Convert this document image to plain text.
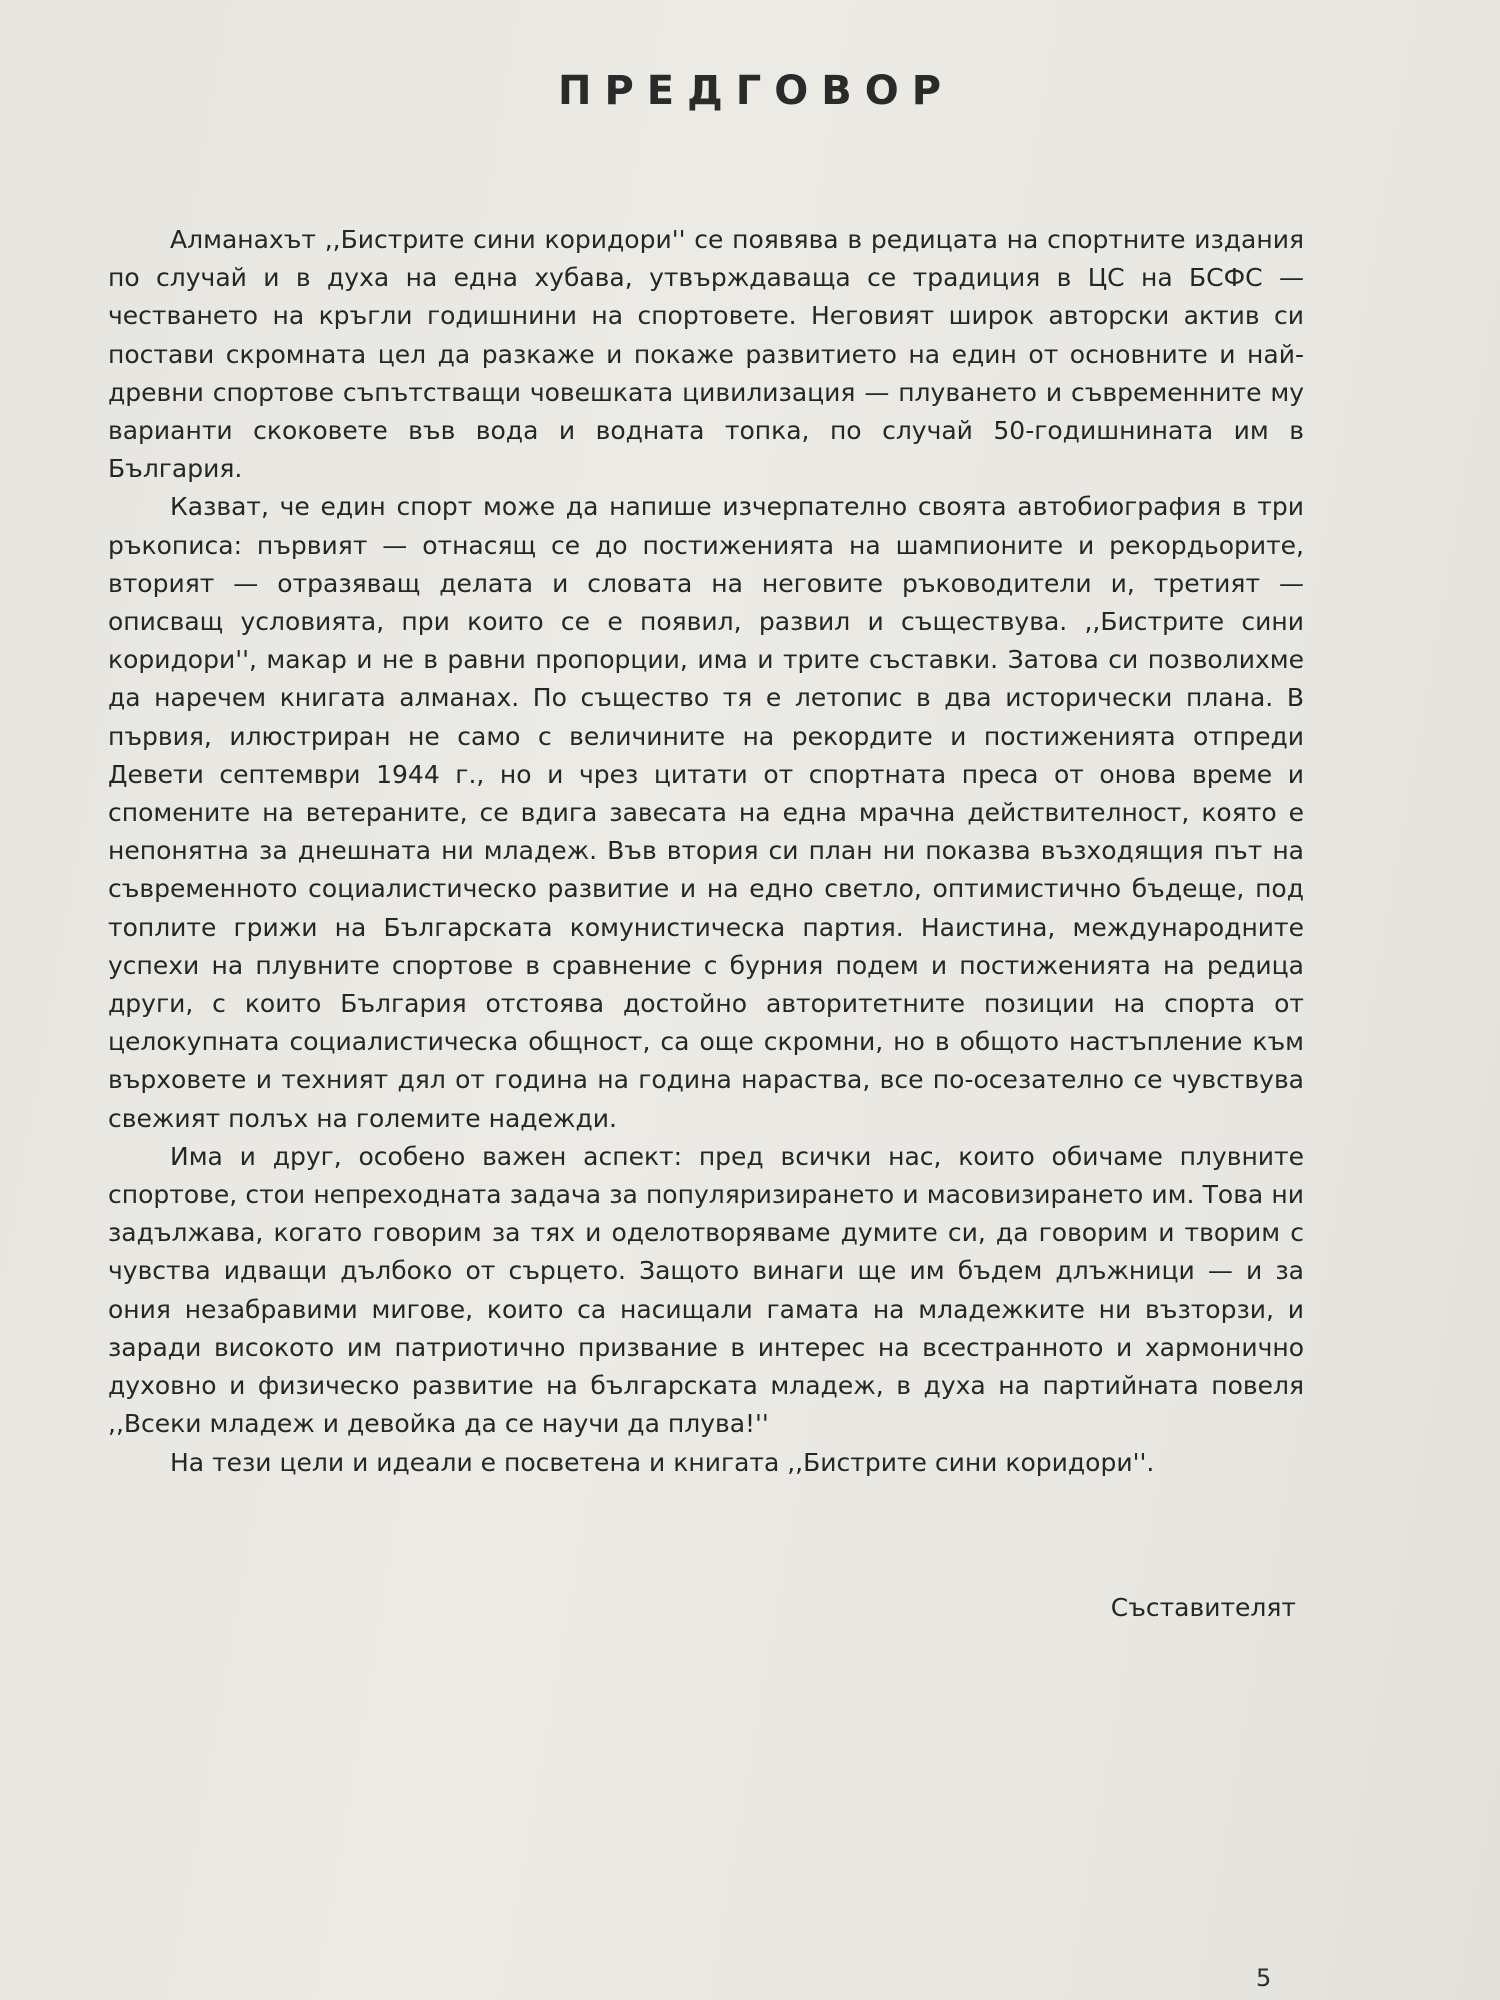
ПРЕДГОВОР

Алманахът ,,Бистрите сини коридори'' се появява в редицата на спортните издания по случай и в духа на една хубава, утвърждаваща се традиция в ЦС на БСФС — честването на кръгли годишнини на спортовете. Неговият широк авторски актив си постави скромната цел да разкаже и покаже развитието на един от основните и най-древни спортове съпътстващи човешката цивилизация — плуването и съвременните му варианти скоковете във вода и водната топка, по случай 50-годишнината им в България.

Казват, че един спорт може да напише изчерпателно своята автобиография в три ръкописа: първият — отнасящ се до постиженията на шампионите и рекордьорите, вторият — отразяващ делата и словата на неговите ръководители и, третият — описващ условията, при които се е появил, развил и съществува. ,,Бистрите сини коридори'', макар и не в равни пропорции, има и трите съставки. Затова си позволихме да наречем книгата алманах. По същество тя е летопис в два исторически плана. В първия, илюстриран не само с величините на рекордите и постиженията отпреди Девети септември 1944 г., но и чрез цитати от спортната преса от онова време и спомените на ветераните, се вдига завесата на една мрачна действителност, която е непонятна за днешната ни младеж. Във втория си план ни показва възходящия път на съвременното социалистическо развитие и на едно светло, оптимистично бъдеще, под топлите грижи на Българската комунистическа партия. Наистина, международните успехи на плувните спортове в сравнение с бурния подем и постиженията на редица други, с които България отстоява достойно авторитетните позиции на спорта от целокупната социалистическа общност, са още скромни, но в общото настъпление към върховете и техният дял от година на година нараства, все по-осезателно се чувствува свежият полъх на големите надежди.

Има и друг, особено важен аспект: пред всички нас, които обичаме плувните спортове, стои непреходната задача за популяризирането и масовизирането им. Това ни задължава, когато говорим за тях и оделотворяваме думите си, да говорим и творим с чувства идващи дълбоко от сърцето. Защото винаги ще им бъдем длъжници — и за ония незабравими мигове, които са насищали гамата на младежките ни възторзи, и заради високото им патриотично призвание в интерес на всестранното и хармонично духовно и физическо развитие на българската младеж, в духа на партийната повеля ,,Всеки младеж и девойка да се научи да плува!''

На тези цели и идеали е посветена и книгата ,,Бистрите сини коридори''.

Съставителят

5
